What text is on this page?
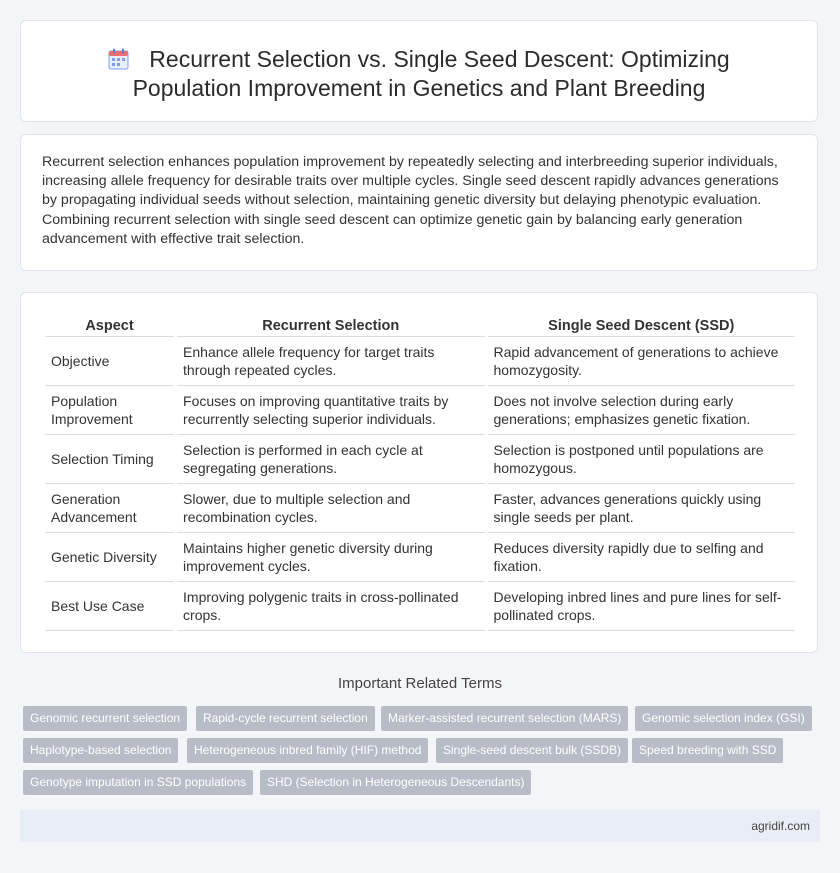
Recurrent Selection vs. Single Seed Descent: Optimizing Population Improvement in Genetics and Plant Breeding

Recurrent selection enhances population improvement by repeatedly selecting and interbreeding superior individuals, increasing allele frequency for desirable traits over multiple cycles. Single seed descent rapidly advances generations by propagating individual seeds without selection, maintaining genetic diversity but delaying phenotypic evaluation. Combining recurrent selection with single seed descent can optimize genetic gain by balancing early generation advancement with effective trait selection.

Aspect	Recurrent Selection	Single Seed Descent (SSD)
Objective	Enhance allele frequency for target traits through repeated cycles.	Rapid advancement of generations to achieve homozygosity.
Population Improvement	Focuses on improving quantitative traits by recurrently selecting superior individuals.	Does not involve selection during early generations; emphasizes genetic fixation.
Selection Timing	Selection is performed in each cycle at segregating generations.	Selection is postponed until populations are homozygous.
Generation Advancement	Slower, due to multiple selection and recombination cycles.	Faster, advances generations quickly using single seeds per plant.
Genetic Diversity	Maintains higher genetic diversity during improvement cycles.	Reduces diversity rapidly due to selfing and fixation.
Best Use Case	Improving polygenic traits in cross-pollinated crops.	Developing inbred lines and pure lines for self-pollinated crops.
Important Related Terms
Genomic recurrent selection	Rapid-cycle recurrent selection	Marker-assisted recurrent selection (MARS)	Genomic selection index (GSI)
Haplotype-based selection	Heterogeneous inbred family (HIF) method	Single-seed descent bulk (SSDB)	Speed breeding with SSD
Genotype imputation in SSD populations	SHD (Selection in Heterogeneous Descendants)
agridif.com
